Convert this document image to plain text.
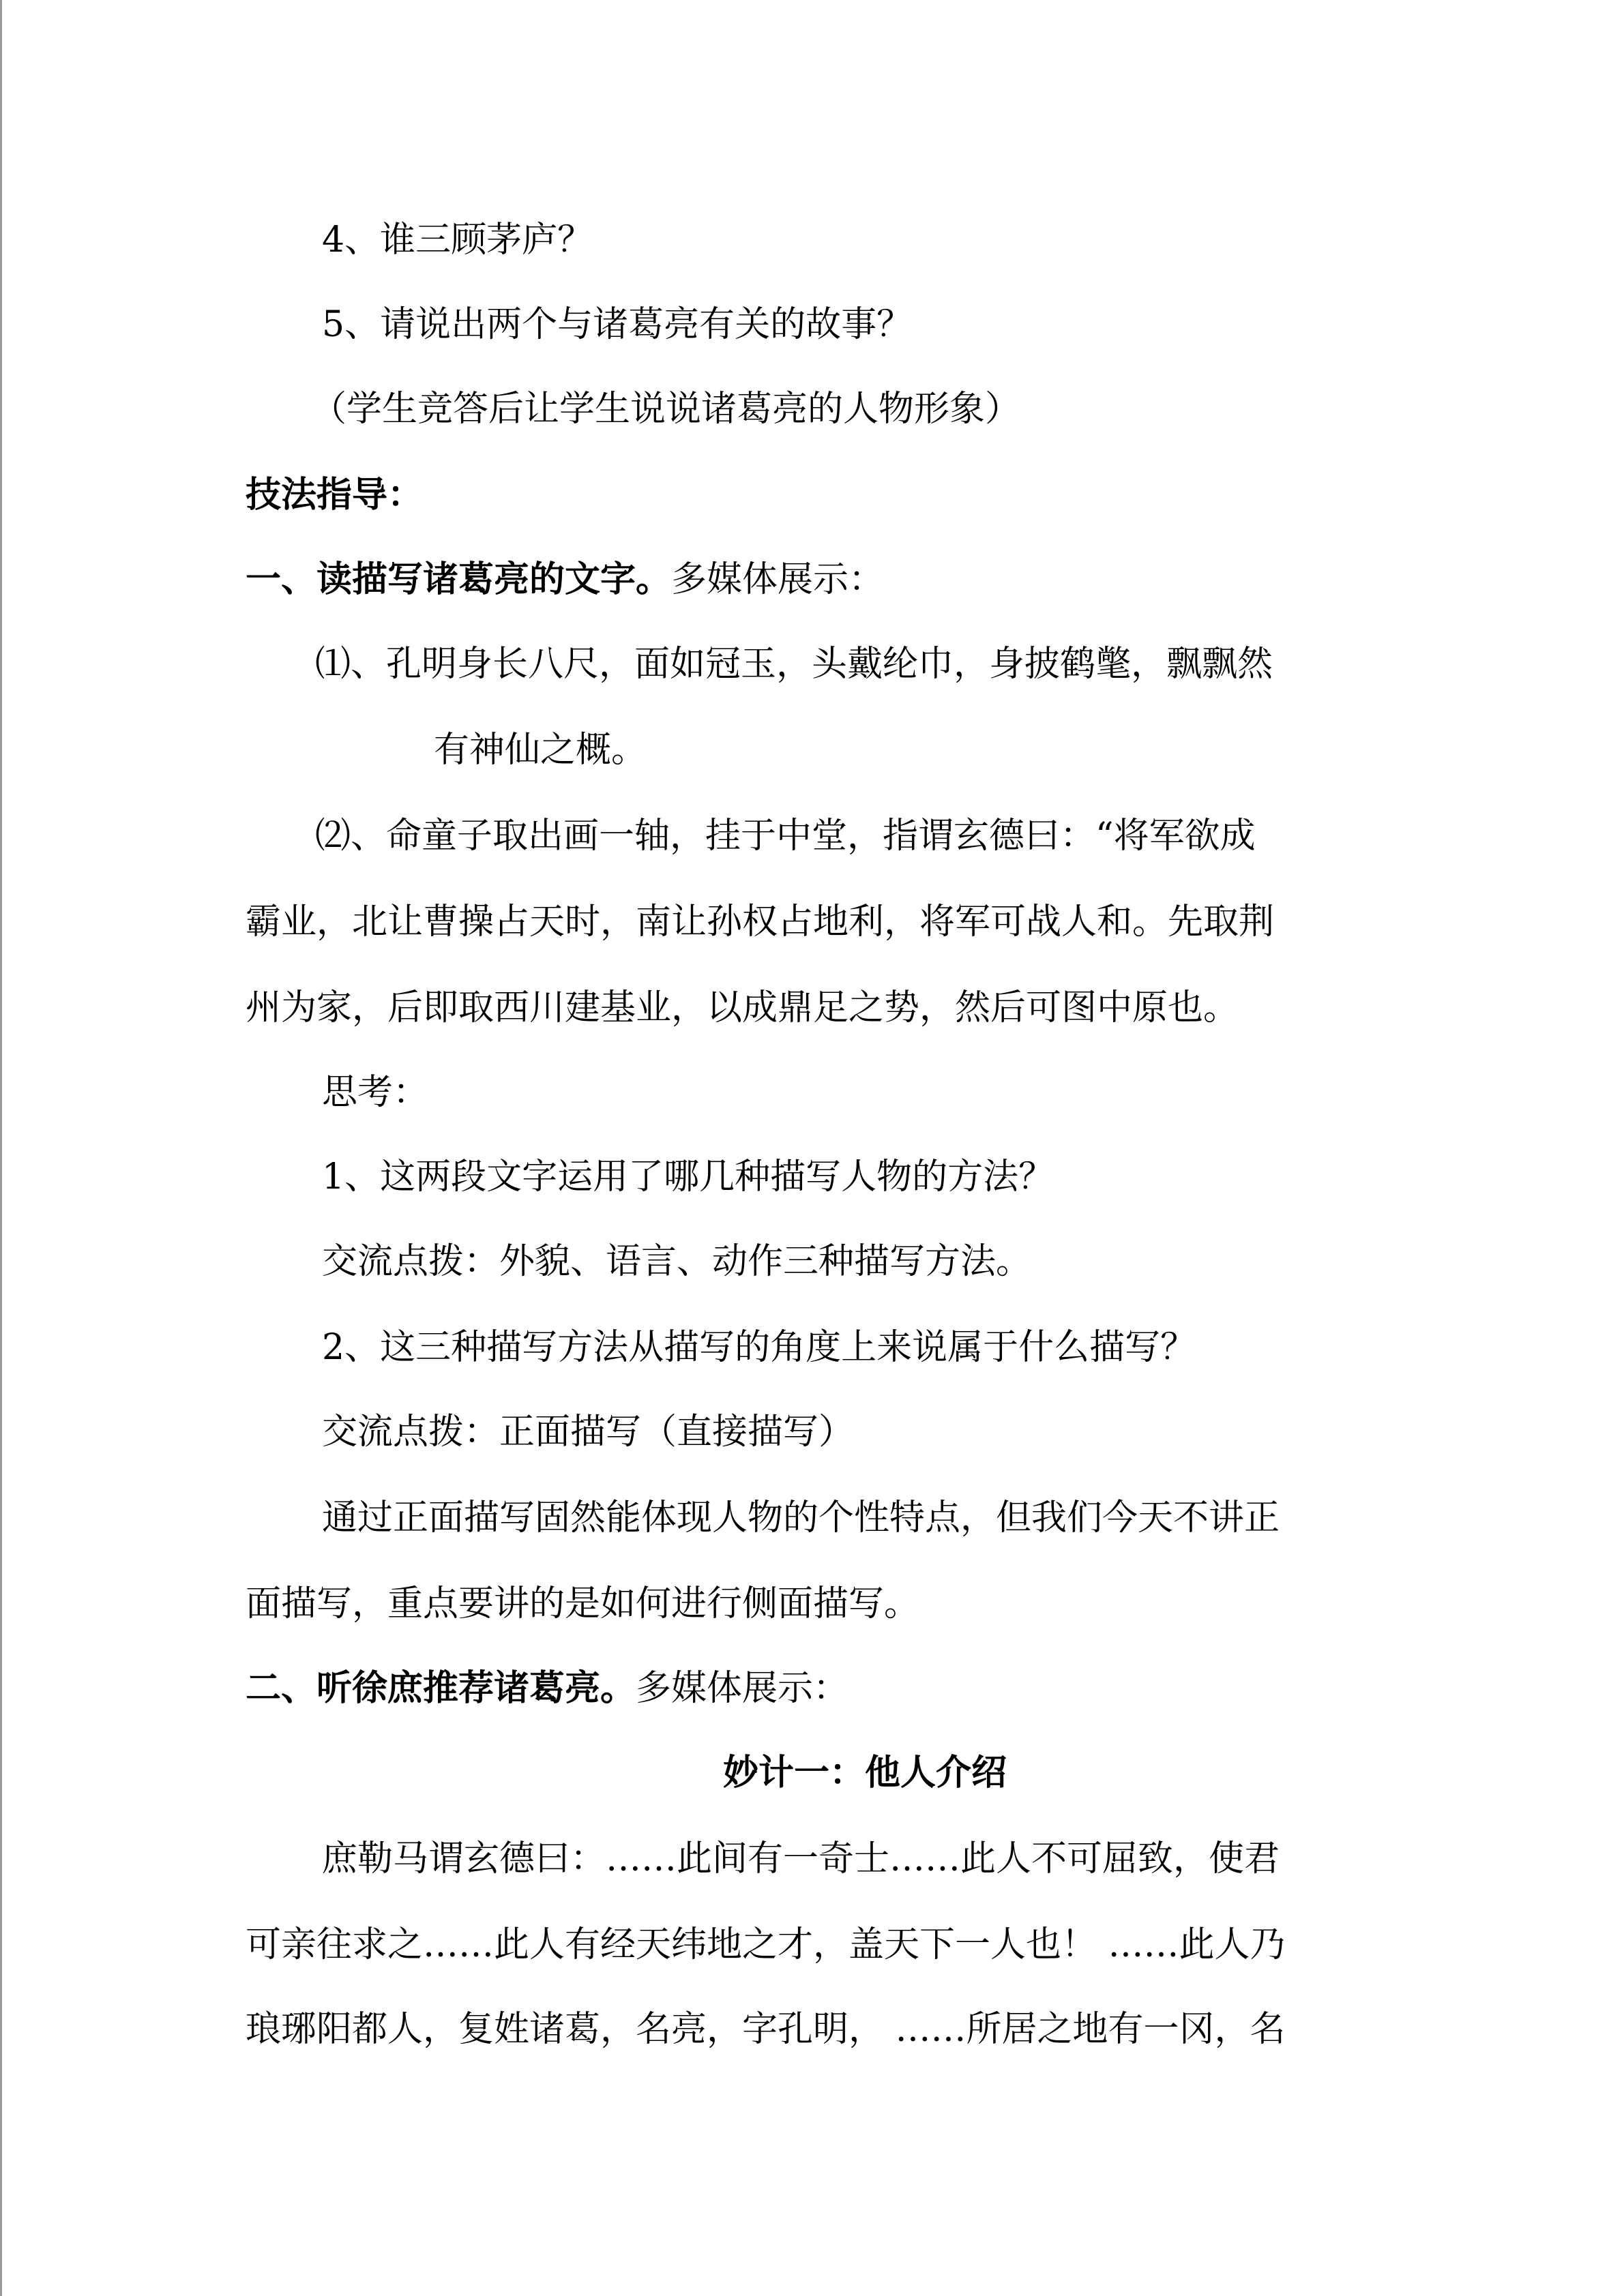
4、谁三顾茅庐？

5、请说出两个与诸葛亮有关的故事？

（学生竞答后让学生说说诸葛亮的人物形象）

技法指导：

一、读描写诸葛亮的文字。多媒体展示：

⑴、孔明身长八尺，面如冠玉，头戴纶巾，身披鹤氅，飘飘然

有神仙之概。

⑵、命童子取出画一轴，挂于中堂，指谓玄德曰：“将军欲成

霸业，北让曹操占天时，南让孙权占地利，将军可战人和。先取荆

州为家，后即取西川建基业，以成鼎足之势，然后可图中原也。

思考：

1、这两段文字运用了哪几种描写人物的方法？

交流点拨：外貌、语言、动作三种描写方法。

2、这三种描写方法从描写的角度上来说属于什么描写？

交流点拨：正面描写（直接描写）

通过正面描写固然能体现人物的个性特点，但我们今天不讲正

面描写，重点要讲的是如何进行侧面描写。

二、听徐庶推荐诸葛亮。多媒体展示：

妙计一：他人介绍

庶勒马谓玄德曰：……此间有一奇士……此人不可屈致，使君

可亲往求之……此人有经天纬地之才，盖天下一人也！ ……此人乃

琅琊阳都人，复姓诸葛，名亮，字孔明， ……所居之地有一冈，名
